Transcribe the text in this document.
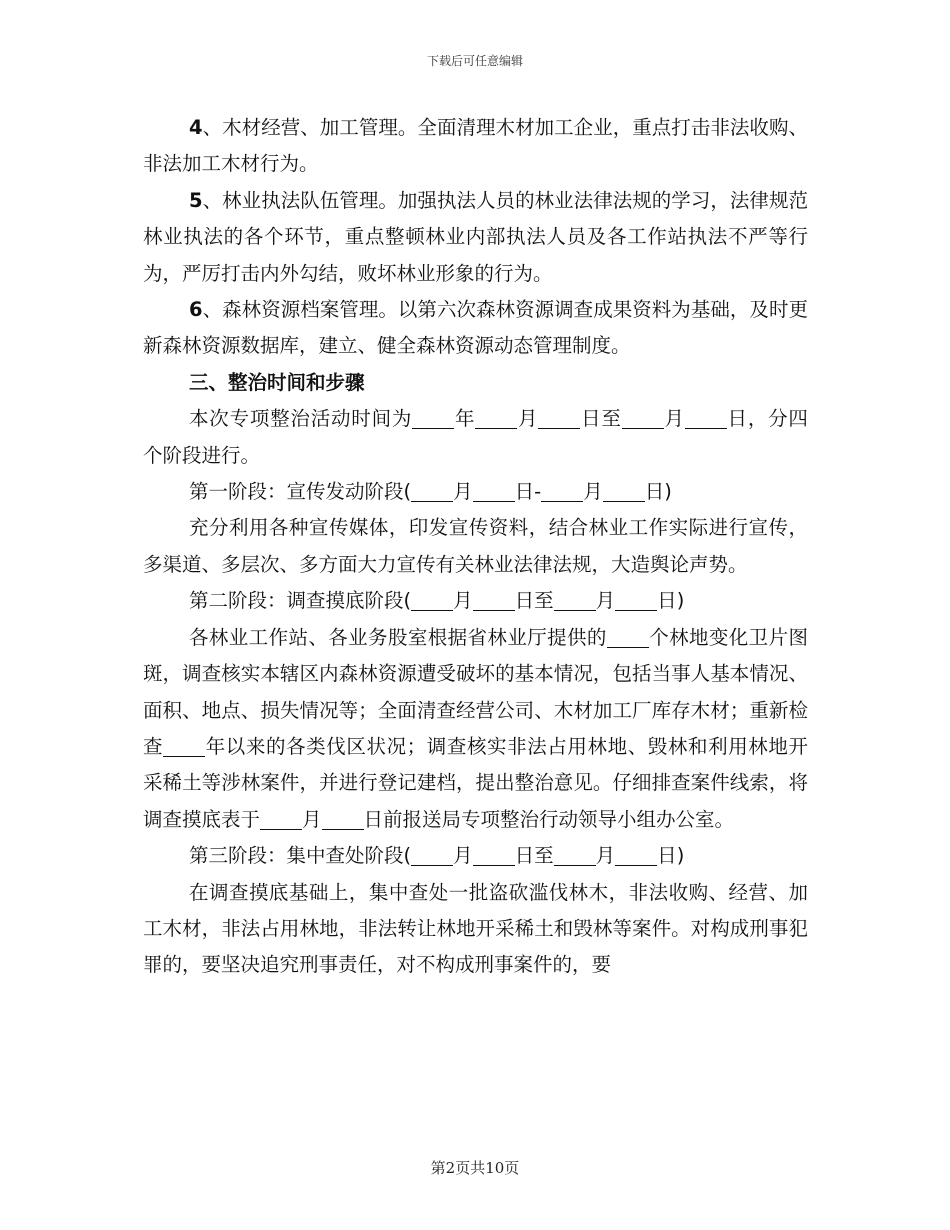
下载后可任意编辑

4、木材经营、加工管理。全面清理木材加工企业，重点打击非法收购、非法加工木材行为。

5、林业执法队伍管理。加强执法人员的林业法律法规的学习，法律规范林业执法的各个环节，重点整顿林业内部执法人员及各工作站执法不严等行为，严厉打击内外勾结，败坏林业形象的行为。

6、森林资源档案管理。以第六次森林资源调查成果资料为基础，及时更新森林资源数据库，建立、健全森林资源动态管理制度。

三、整治时间和步骤

本次专项整治活动时间为 年 月 日至 月 日，分四个阶段进行。

第一阶段：宣传发动阶段( 月 日- 月 日)

充分利用各种宣传媒体，印发宣传资料，结合林业工作实际进行宣传，多渠道、多层次、多方面大力宣传有关林业法律法规，大造舆论声势。

第二阶段：调查摸底阶段( 月 日至 月 日)

各林业工作站、各业务股室根据省林业厅提供的 个林地变化卫片图斑，调查核实本辖区内森林资源遭受破坏的基本情况，包括当事人基本情况、面积、地点、损失情况等；全面清查经营公司、木材加工厂库存木材；重新检查 年以来的各类伐区状况；调查核实非法占用林地、毁林和利用林地开采稀土等涉林案件，并进行登记建档，提出整治意见。仔细排查案件线索，将调查摸底表于 月 日前报送局专项整治行动领导小组办公室。

第三阶段：集中查处阶段( 月 日至 月 日)

在调查摸底基础上，集中查处一批盗砍滥伐林木，非法收购、经营、加工木材，非法占用林地，非法转让林地开采稀土和毁林等案件。对构成刑事犯罪的，要坚决追究刑事责任，对不构成刑事案件的，要

第2页共10页
